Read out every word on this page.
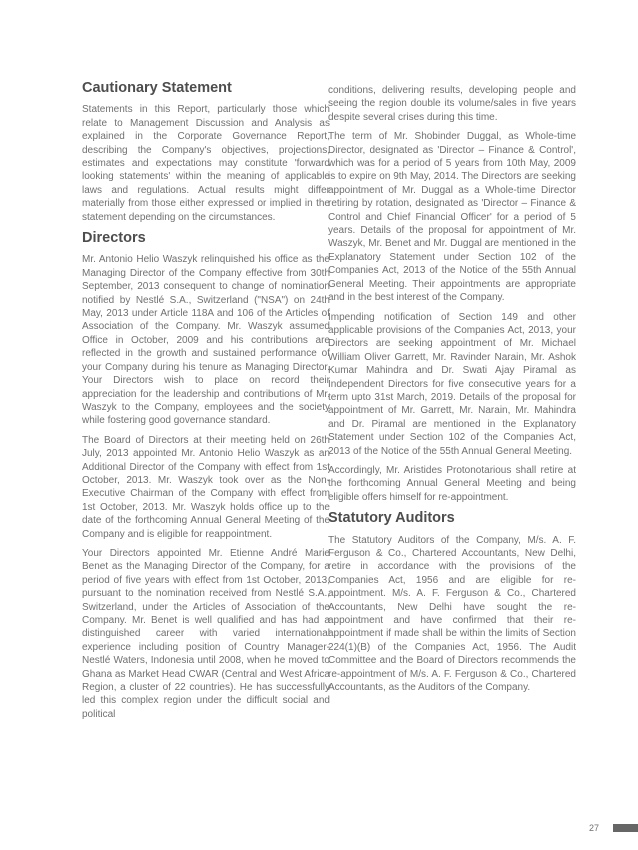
Cautionary Statement

Statements in this Report, particularly those which relate to Management Discussion and Analysis as explained in the Corporate Governance Report, describing the Company's objectives, projections, estimates and expectations may constitute 'forward looking statements' within the meaning of applicable laws and regulations. Actual results might differ materially from those either expressed or implied in the statement depending on the circumstances.

Directors

Mr. Antonio Helio Waszyk relinquished his office as the Managing Director of the Company effective from 30th September, 2013 consequent to change of nomination notified by Nestlé S.A., Switzerland ("NSA") on 24th May, 2013 under Article 118A and 106 of the Articles of Association of the Company. Mr. Waszyk assumed Office in October, 2009 and his contributions are reflected in the growth and sustained performance of your Company during his tenure as Managing Director. Your Directors wish to place on record their appreciation for the leadership and contributions of Mr. Waszyk to the Company, employees and the society while fostering good governance standard.

The Board of Directors at their meeting held on 26th July, 2013 appointed Mr. Antonio Helio Waszyk as an Additional Director of the Company with effect from 1st October, 2013. Mr. Waszyk took over as the Non-Executive Chairman of the Company with effect from 1st October, 2013. Mr. Waszyk holds office up to the date of the forthcoming Annual General Meeting of the Company and is eligible for reappointment.

Your Directors appointed Mr. Etienne André Marie Benet as the Managing Director of the Company, for a period of five years with effect from 1st October, 2013, pursuant to the nomination received from Nestlé S.A., Switzerland, under the Articles of Association of the Company. Mr. Benet is well qualified and has had a distinguished career with varied international experience including position of Country Manager-Nestlé Waters, Indonesia until 2008, when he moved to Ghana as Market Head CWAR (Central and West Africa Region, a cluster of 22 countries). He has successfully led this complex region under the difficult social and political

conditions, delivering results, developing people and seeing the region double its volume/sales in five years despite several crises during this time.

The term of Mr. Shobinder Duggal, as Whole-time Director, designated as 'Director – Finance & Control', which was for a period of 5 years from 10th May, 2009 is to expire on 9th May, 2014. The Directors are seeking appointment of Mr. Duggal as a Whole-time Director retiring by rotation, designated as 'Director – Finance & Control and Chief Financial Officer' for a period of 5 years. Details of the proposal for appointment of Mr. Waszyk, Mr. Benet and Mr. Duggal are mentioned in the Explanatory Statement under Section 102 of the Companies Act, 2013 of the Notice of the 55th Annual General Meeting. Their appointments are appropriate and in the best interest of the Company.

Impending notification of Section 149 and other applicable provisions of the Companies Act, 2013, your Directors are seeking appointment of Mr. Michael William Oliver Garrett, Mr. Ravinder Narain, Mr. Ashok Kumar Mahindra and Dr. Swati Ajay Piramal as Independent Directors for five consecutive years for a term upto 31st March, 2019. Details of the proposal for appointment of Mr. Garrett, Mr. Narain, Mr. Mahindra and Dr. Piramal are mentioned in the Explanatory Statement under Section 102 of the Companies Act, 2013 of the Notice of the 55th Annual General Meeting.

Accordingly, Mr. Aristides Protonotarious shall retire at the forthcoming Annual General Meeting and being eligible offers himself for re-appointment.

Statutory Auditors

The Statutory Auditors of the Company, M/s. A. F. Ferguson & Co., Chartered Accountants, New Delhi, retire in accordance with the provisions of the Companies Act, 1956 and are eligible for re-appointment. M/s. A. F. Ferguson & Co., Chartered Accountants, New Delhi have sought the re-appointment and have confirmed that their re-appointment if made shall be within the limits of Section 224(1)(B) of the Companies Act, 1956. The Audit Committee and the Board of Directors recommends the re-appointment of M/s. A. F. Ferguson & Co., Chartered Accountants, as the Auditors of the Company.

27
